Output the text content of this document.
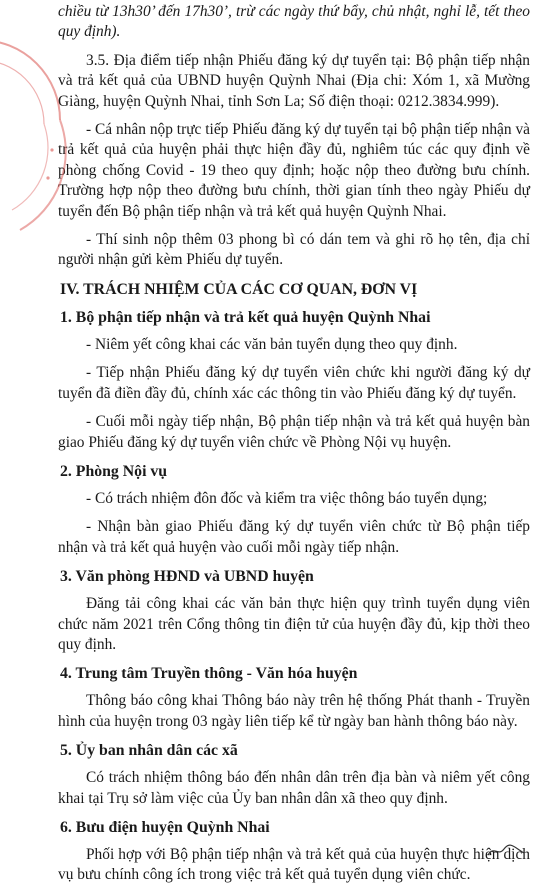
chiều từ 13h30’ đến 17h30’, trừ các ngày thứ bẩy, chủ nhật, nghỉ lễ, tết theo quy định).
3.5. Địa điểm tiếp nhận Phiếu đăng ký dự tuyển tại: Bộ phận tiếp nhận và trả kết quả của UBND huyện Quỳnh Nhai (Địa chi: Xóm 1, xã Mường Giàng, huyện Quỳnh Nhai, tỉnh Sơn La; Số điện thoại: 0212.3834.999).
- Cá nhân nộp trực tiếp Phiếu đăng ký dự tuyển tại bộ phận tiếp nhận và trả kết quả của huyện phải thực hiện đầy đủ, nghiêm túc các quy định về phòng chống Covid - 19 theo quy định; hoặc nộp theo đường bưu chính. Trường hợp nộp theo đường bưu chính, thời gian tính theo ngày Phiếu dự tuyển đến Bộ phận tiếp nhận và trả kết quả huyện Quỳnh Nhai.
- Thí sinh nộp thêm 03 phong bì có dán tem và ghi rõ họ tên, địa chỉ người nhận gửi kèm Phiếu dự tuyển.
IV. TRÁCH NHIỆM CỦA CÁC CƠ QUAN, ĐƠN VỊ
1. Bộ phận tiếp nhận và trả kết quả huyện Quỳnh Nhai
- Niêm yết công khai các văn bản tuyển dụng theo quy định.
- Tiếp nhận Phiếu đăng ký dự tuyển viên chức khi người đăng ký dự tuyển đã điền đầy đủ, chính xác các thông tin vào Phiếu đăng ký dự tuyển.
- Cuối mỗi ngày tiếp nhận, Bộ phận tiếp nhận và trả kết quả huyện bàn giao Phiếu đăng ký dự tuyển viên chức về Phòng Nội vụ huyện.
2. Phòng Nội vụ
- Có trách nhiệm đôn đốc và kiểm tra việc thông báo tuyển dụng;
- Nhận bàn giao Phiếu đăng ký dự tuyển viên chức từ Bộ phận tiếp nhận và trả kết quả huyện vào cuối mỗi ngày tiếp nhận.
3. Văn phòng HĐND và UBND huyện
Đăng tải công khai các văn bản thực hiện quy trình tuyển dụng viên chức năm 2021 trên Cổng thông tin điện tử của huyện đầy đủ, kịp thời theo quy định.
4. Trung tâm Truyền thông - Văn hóa huyện
Thông báo công khai Thông báo này trên hệ thống Phát thanh - Truyền hình của huyện trong 03 ngày liên tiếp kể từ ngày ban hành thông báo này.
5. Ủy ban nhân dân các xã
Có trách nhiệm thông báo đến nhân dân trên địa bàn và niêm yết công khai tại Trụ sở làm việc của Ủy ban nhân dân xã theo quy định.
6. Bưu điện huyện Quỳnh Nhai
Phối hợp với Bộ phận tiếp nhận và trả kết quả của huyện thực hiện dịch vụ bưu chính công ích trong việc trả kết quả tuyển dụng viên chức.
